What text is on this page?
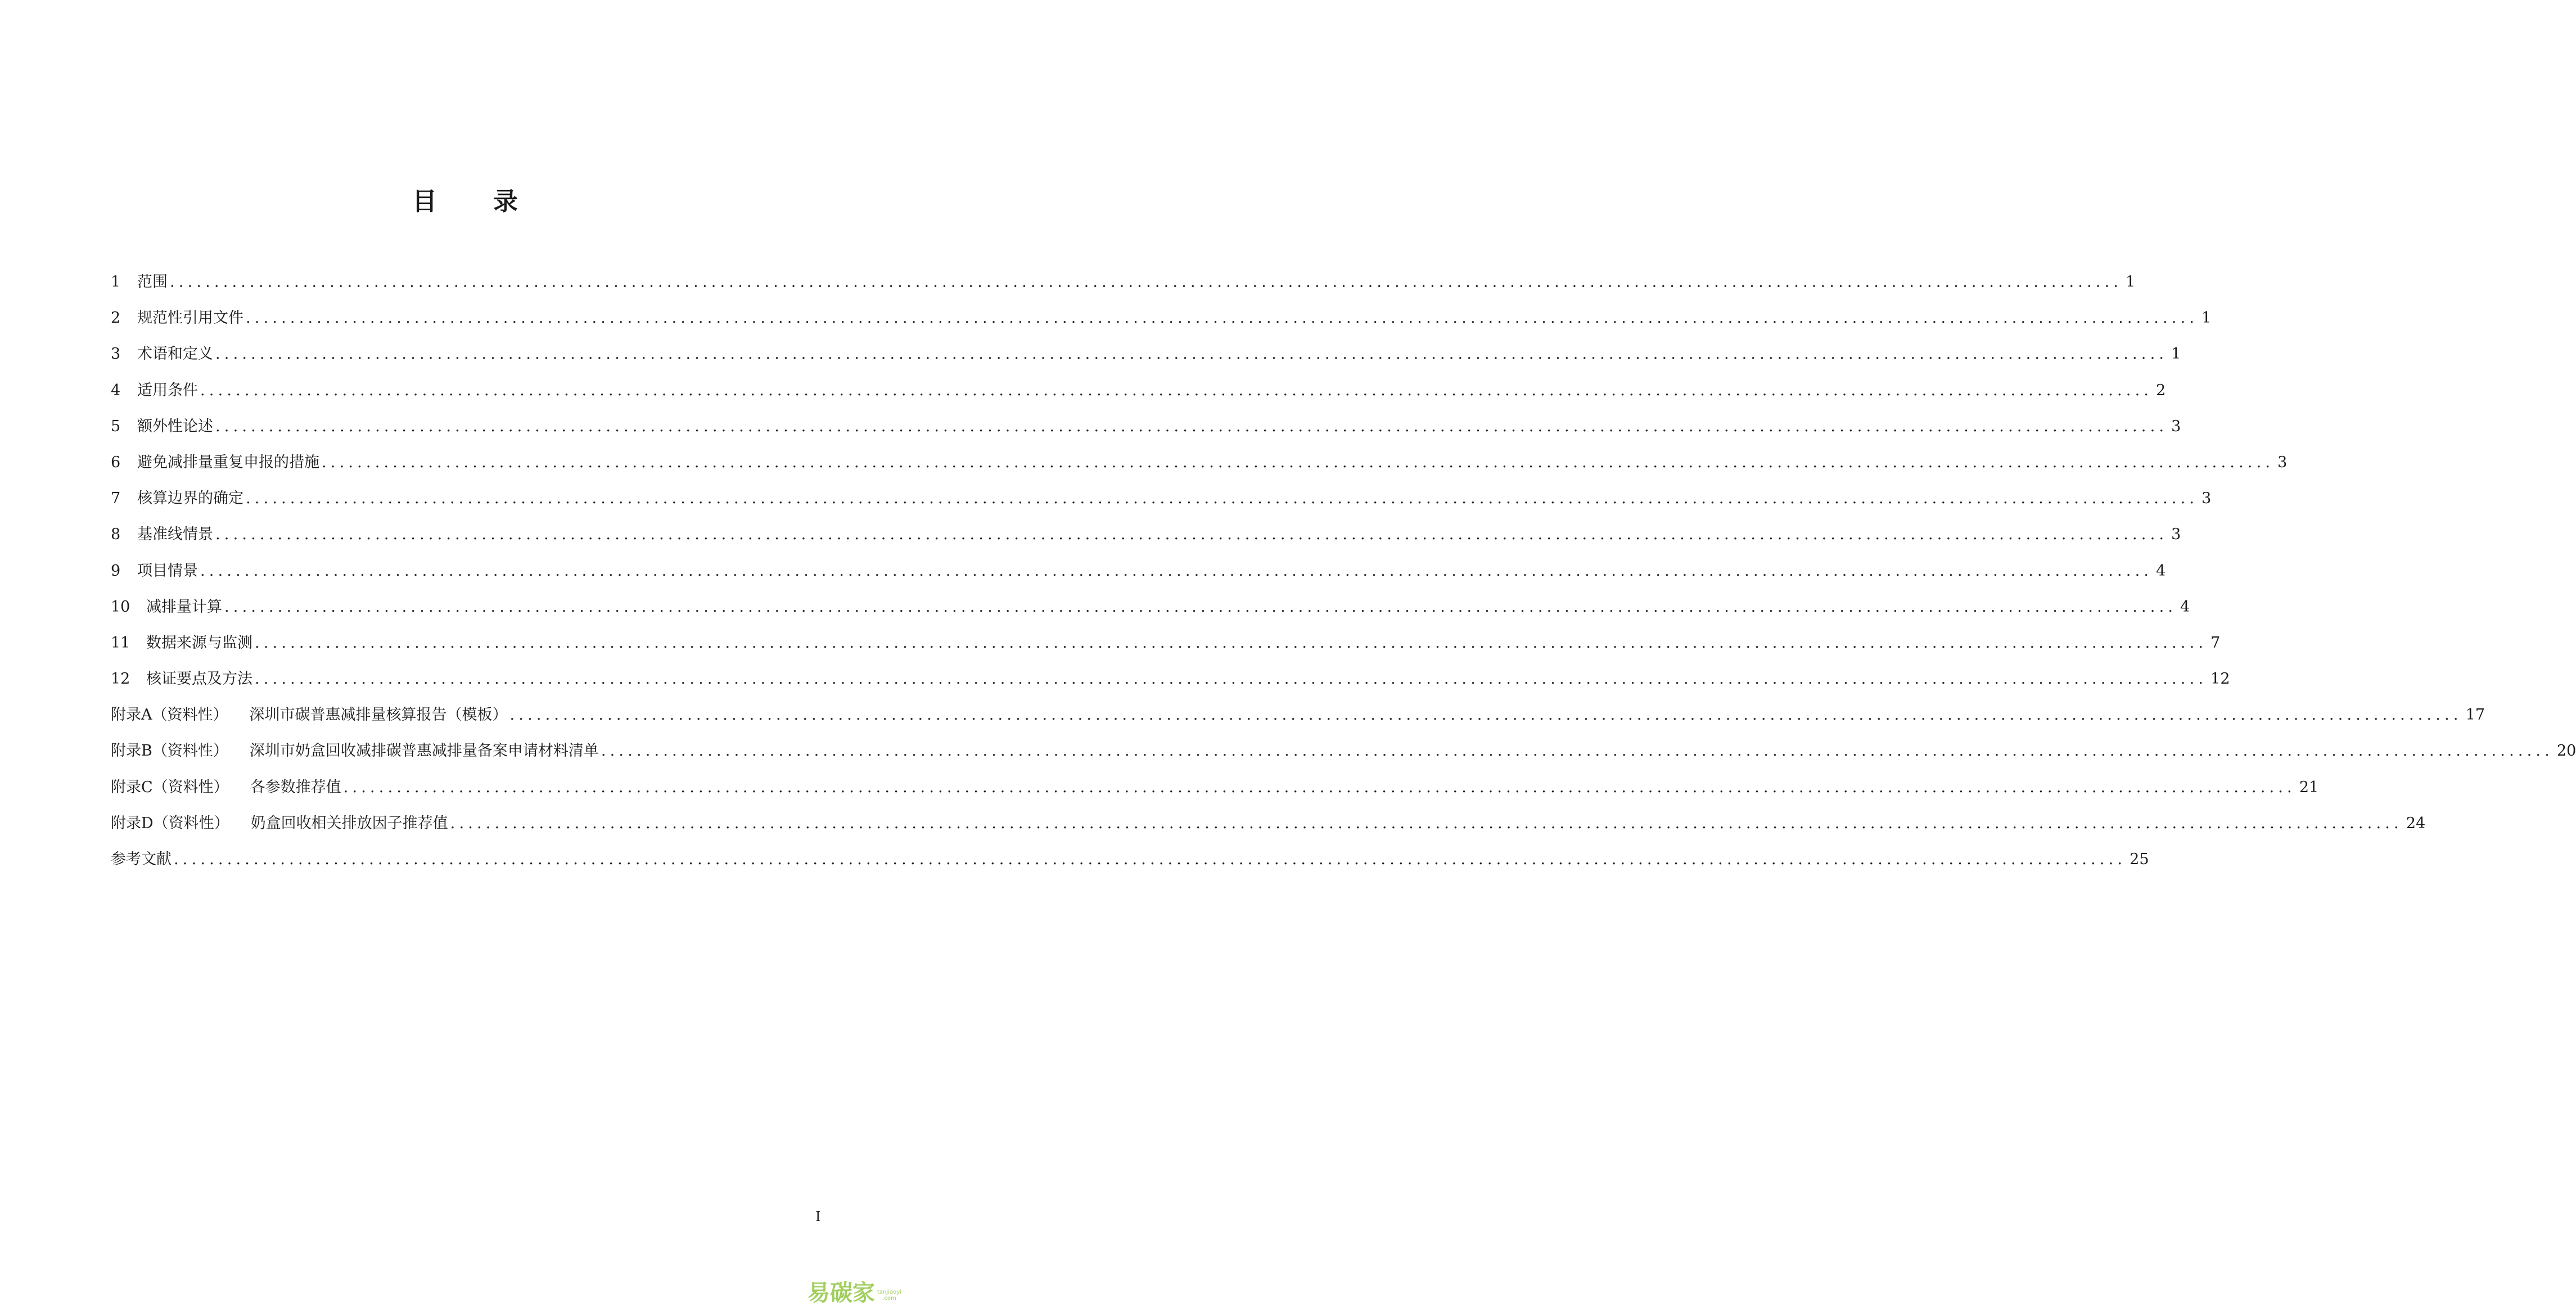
目 录
1 范围 ............................................................................................................................................................................................................................ 1
2 规范性引用文件 ............................................................................................................................................................................................................................ 1
3 术语和定义 ............................................................................................................................................................................................................................ 1
4 适用条件 ............................................................................................................................................................................................................................ 2
5 额外性论述 ............................................................................................................................................................................................................................ 3
6 避免减排量重复申报的措施 ............................................................................................................................................................................................................................ 3
7 核算边界的确定 ............................................................................................................................................................................................................................ 3
8 基准线情景 ............................................................................................................................................................................................................................ 3
9 项目情景 ............................................................................................................................................................................................................................ 4
10 减排量计算 ............................................................................................................................................................................................................................ 4
11 数据来源与监测 ............................................................................................................................................................................................................................ 7
12 核证要点及方法 ............................................................................................................................................................................................................................ 12
附录A（资料性） 深圳市碳普惠减排量核算报告（模板） ............................................................................................................................................................................................................................ 17
附录B（资料性） 深圳市奶盒回收减排碳普惠减排量备案申请材料清单 ............................................................................................................................................................................................................................ 20
附录C（资料性） 各参数推荐值 ............................................................................................................................................................................................................................ 21
附录D（资料性） 奶盒回收相关排放因子推荐值 ............................................................................................................................................................................................................................ 24
参考文献 ............................................................................................................................................................................................................................ 25
I
易碳家 tanjiaoyi
.com
